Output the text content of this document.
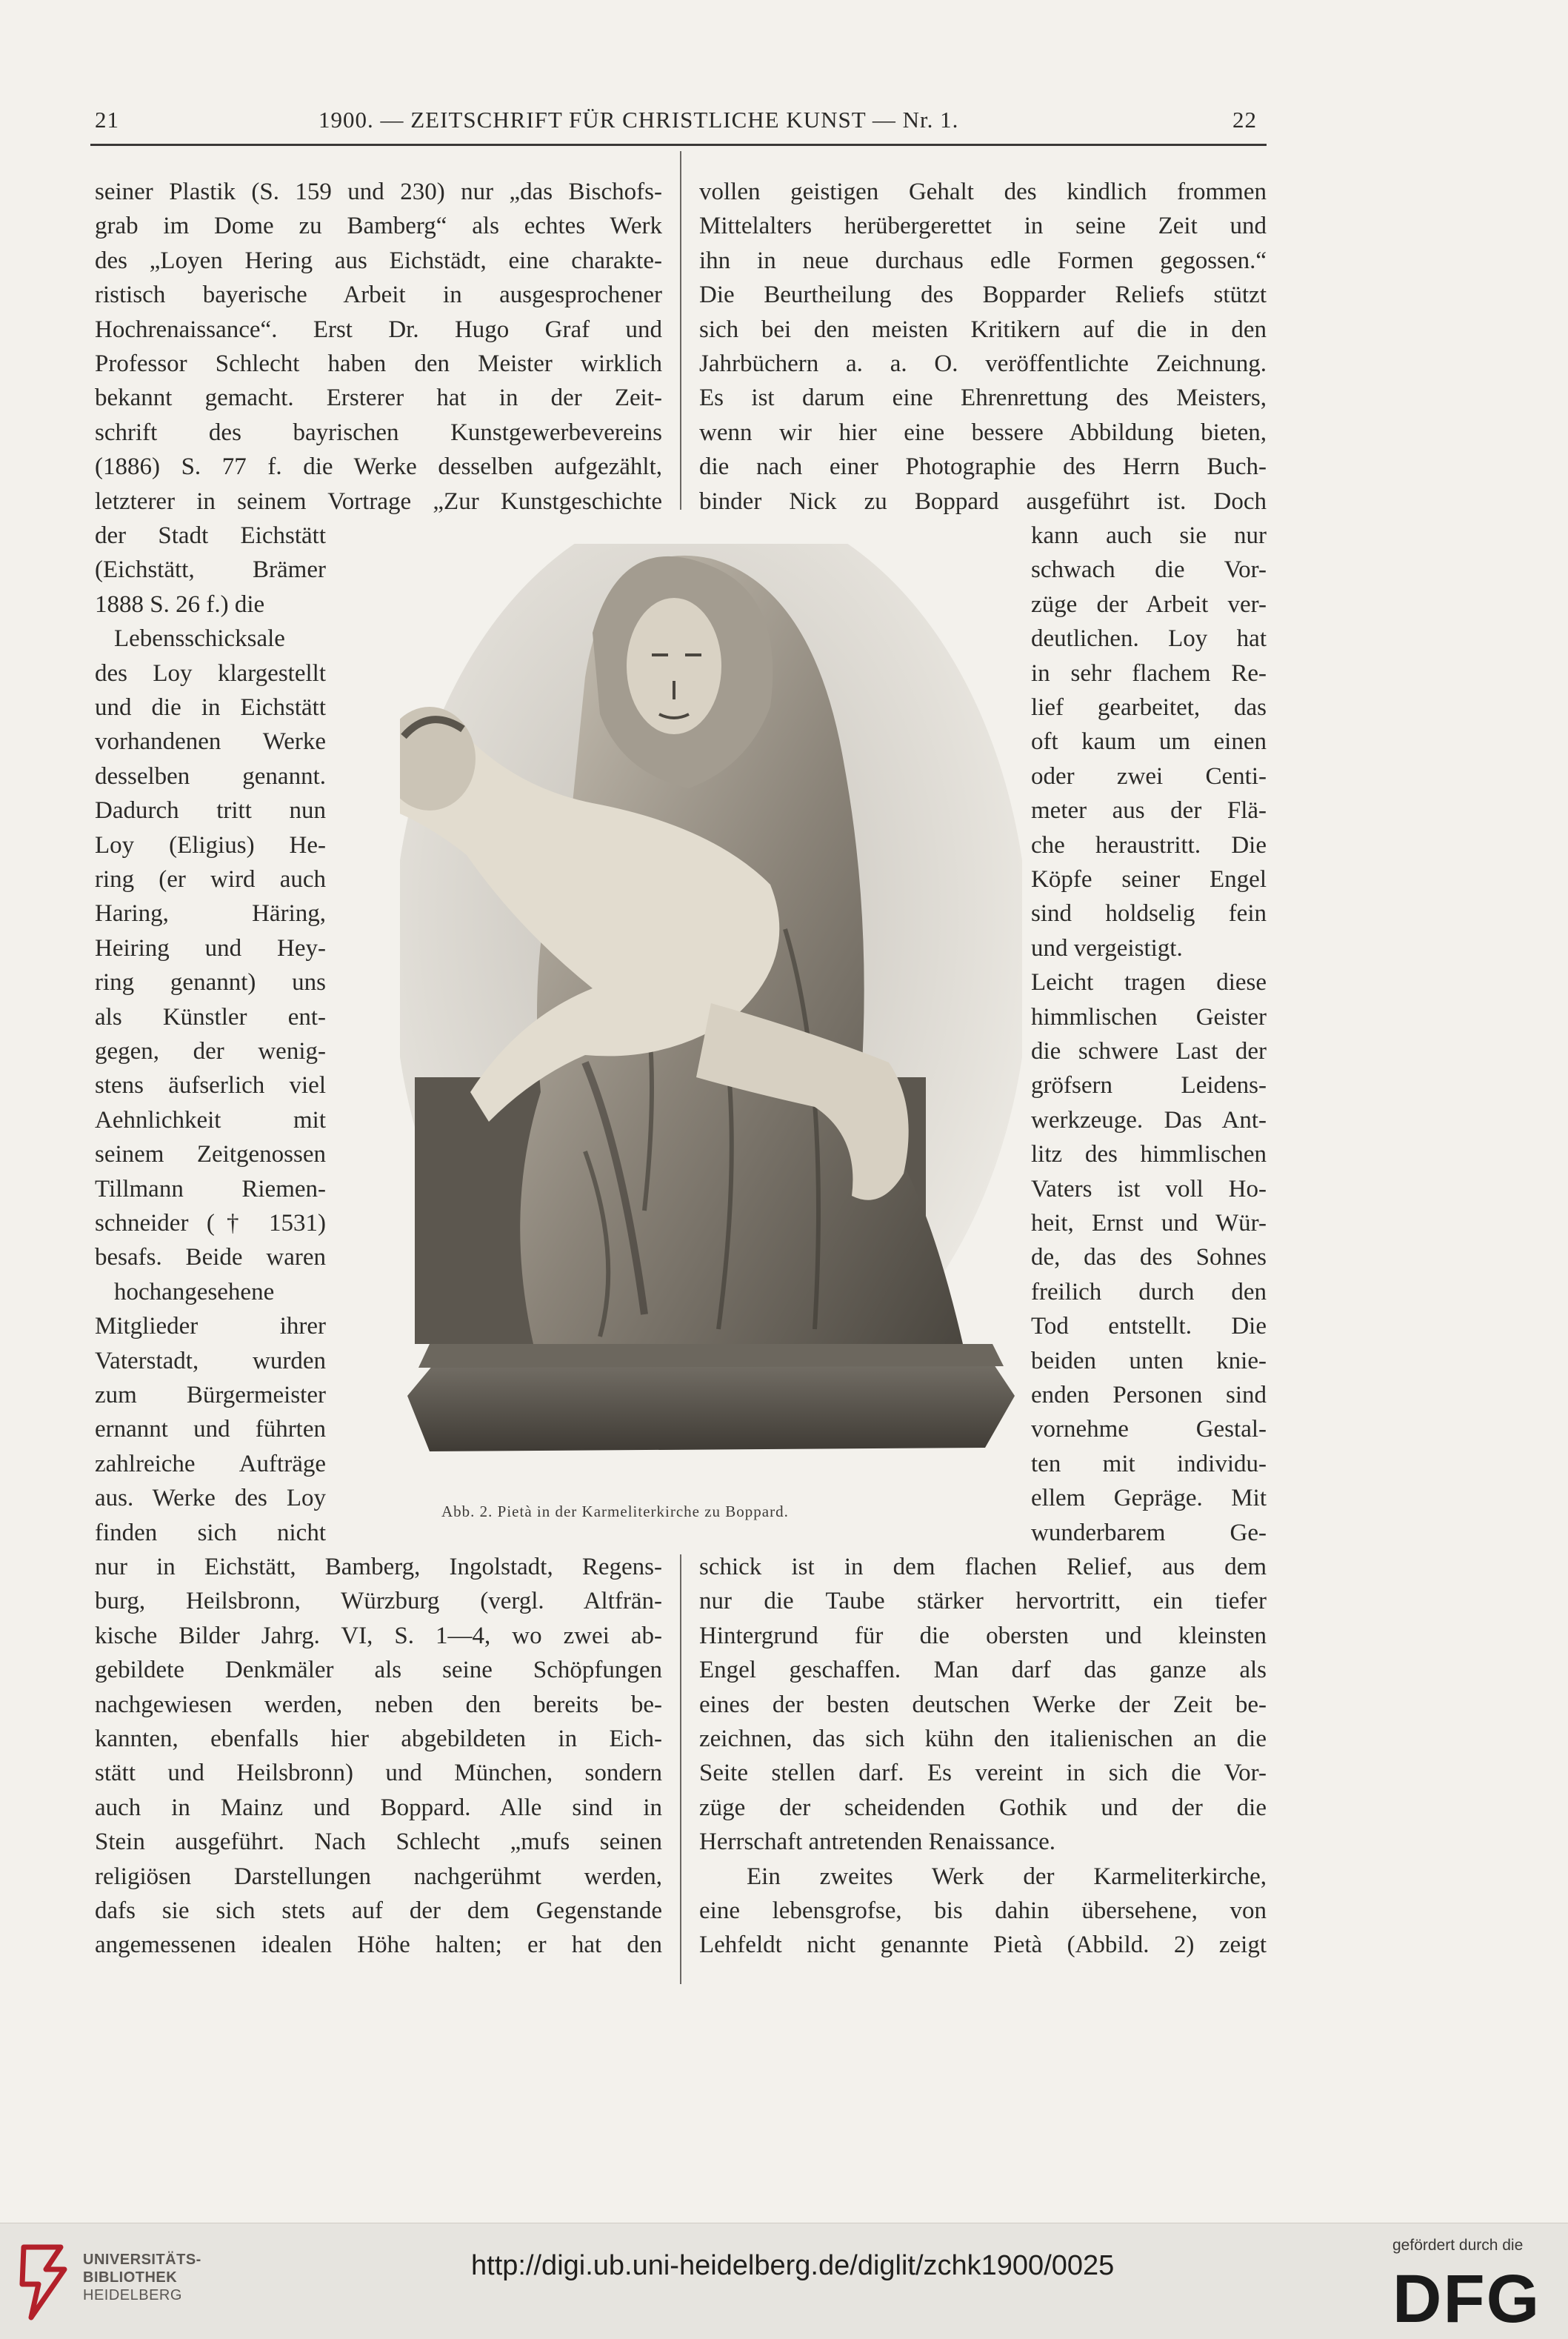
21	1900. — ZEITSCHRIFT FÜR CHRISTLICHE KUNST — Nr. 1.	22
Abb. 2. Pietà in der Karmeliterkirche zu Boppard.
seiner Plastik (S. 159 und 230) nur „das Bischofs-
grab im Dome zu Bamberg“ als echtes Werk
des „Loyen Hering aus Eichstädt, eine charakte-
ristisch bayerische Arbeit in ausgesprochener
Hochrenaissance“. Erst Dr. Hugo Graf und
Professor Schlecht haben den Meister wirklich
bekannt gemacht. Ersterer hat in der Zeit-
schrift des bayrischen Kunstgewerbevereins
(1886) S. 77 f. die Werke desselben aufgezählt,
letzterer in seinem Vortrage „Zur Kunstgeschichte
der Stadt Eichstätt
(Eichstätt, Brämer
1888 S. 26 f.) die
Lebensschicksale
des Loy klargestellt
und die in Eichstätt
vorhandenen Werke
desselben genannt.
Dadurch tritt nun
Loy (Eligius) He-
ring (er wird auch
Haring, Häring,
Heiring und Hey-
ring genannt) uns
als Künstler ent-
gegen, der wenig-
stens äufserlich viel
Aehnlichkeit mit
seinem Zeitgenossen
Tillmann Riemen-
schneider († 1531)
besafs. Beide waren
hochangesehene
Mitglieder ihrer
Vaterstadt, wurden
zum Bürgermeister
ernannt und führten
zahlreiche Aufträge
aus. Werke des Loy
finden sich nicht
nur in Eichstätt, Bamberg, Ingolstadt, Regens-
burg, Heilsbronn, Würzburg (vergl. Altfrän-
kische Bilder Jahrg. VI, S. 1—4, wo zwei ab-
gebildete Denkmäler als seine Schöpfungen
nachgewiesen werden, neben den bereits be-
kannten, ebenfalls hier abgebildeten in Eich-
stätt und Heilsbronn) und München, sondern
auch in Mainz und Boppard. Alle sind in
Stein ausgeführt. Nach Schlecht „mufs seinen
religiösen Darstellungen nachgerühmt werden,
dafs sie sich stets auf der dem Gegenstande
angemessenen idealen Höhe halten; er hat den
vollen geistigen Gehalt des kindlich frommen
Mittelalters herübergerettet in seine Zeit und
ihn in neue durchaus edle Formen gegossen.“
Die Beurtheilung des Bopparder Reliefs stützt
sich bei den meisten Kritikern auf die in den
Jahrbüchern a. a. O. veröffentlichte Zeichnung.
Es ist darum eine Ehrenrettung des Meisters,
wenn wir hier eine bessere Abbildung bieten,
die nach einer Photographie des Herrn Buch-
binder Nick zu Boppard ausgeführt ist. Doch
kann auch sie nur
schwach die Vor-
züge der Arbeit ver-
deutlichen. Loy hat
in sehr flachem Re-
lief gearbeitet, das
oft kaum um einen
oder zwei Centi-
meter aus der Flä-
che heraustritt. Die
Köpfe seiner Engel
sind holdselig fein
und vergeistigt.
Leicht tragen diese
himmlischen Geister
die schwere Last der
gröfsern Leidens-
werkzeuge. Das Ant-
litz des himmlischen
Vaters ist voll Ho-
heit, Ernst und Wür-
de, das des Sohnes
freilich durch den
Tod entstellt. Die
beiden unten knie-
enden Personen sind
vornehme Gestal-
ten mit individu-
ellem Gepräge. Mit
wunderbarem Ge-
schick ist in dem flachen Relief, aus dem
nur die Taube stärker hervortritt, ein tiefer
Hintergrund für die obersten und kleinsten
Engel geschaffen. Man darf das ganze als
eines der besten deutschen Werke der Zeit be-
zeichnen, das sich kühn den italienischen an die
Seite stellen darf. Es vereint in sich die Vor-
züge der scheidenden Gothik und der die
Herrschaft antretenden Renaissance.
Ein zweites Werk der Karmeliterkirche,
eine lebensgrofse, bis dahin übersehene, von
Lehfeldt nicht genannte Pietà (Abbild. 2) zeigt
UNIVERSITÄTS-
BIBLIOTHEK
HEIDELBERG
http://digi.ub.uni-heidelberg.de/diglit/zchk1900/0025
gefördert durch die
DFG
